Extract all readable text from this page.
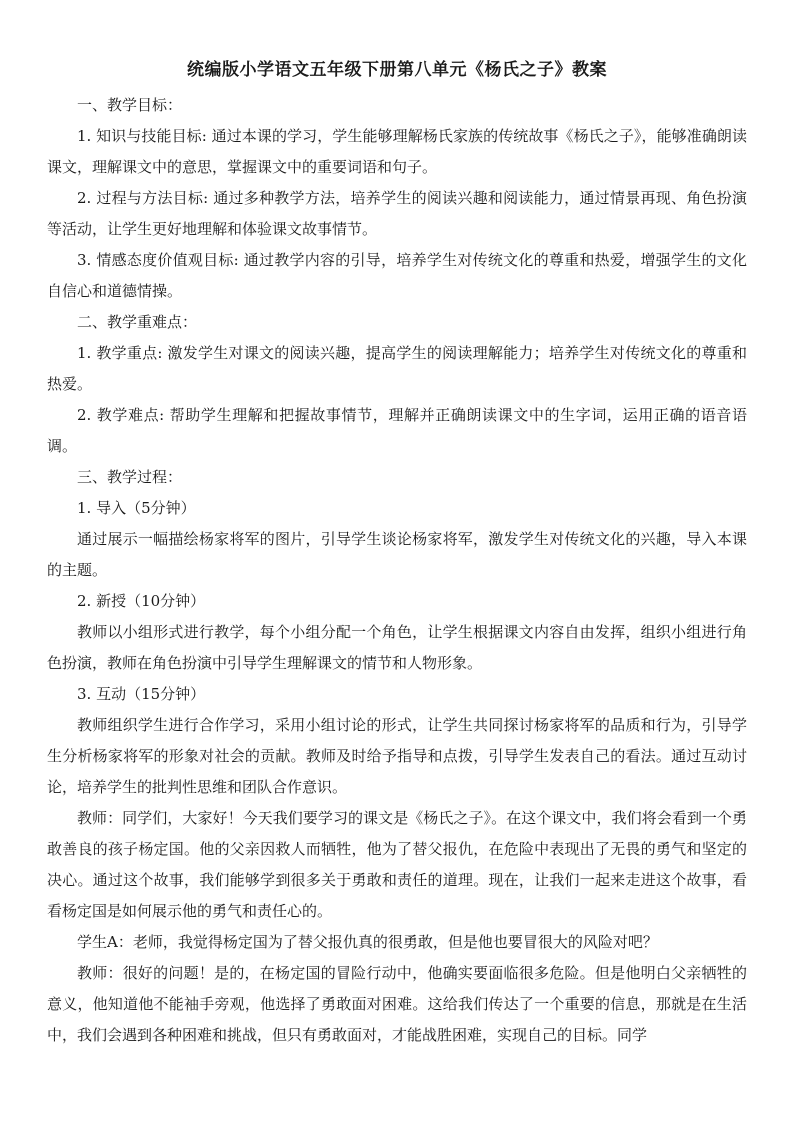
统编版小学语文五年级下册第八单元《杨氏之子》教案

一、教学目标：

1. 知识与技能目标: 通过本课的学习，学生能够理解杨氏家族的传统故事《杨氏之子》，能够准确朗读课文，理解课文中的意思，掌握课文中的重要词语和句子。

2. 过程与方法目标: 通过多种教学方法，培养学生的阅读兴趣和阅读能力，通过情景再现、角色扮演等活动，让学生更好地理解和体验课文故事情节。

3. 情感态度价值观目标: 通过教学内容的引导，培养学生对传统文化的尊重和热爱，增强学生的文化自信心和道德情操。

二、教学重难点：

1. 教学重点: 激发学生对课文的阅读兴趣，提高学生的阅读理解能力；培养学生对传统文化的尊重和热爱。

2. 教学难点: 帮助学生理解和把握故事情节，理解并正确朗读课文中的生字词，运用正确的语音语调。

三、教学过程：

1. 导入（5分钟）

通过展示一幅描绘杨家将军的图片，引导学生谈论杨家将军，激发学生对传统文化的兴趣，导入本课的主题。

2. 新授（10分钟）

教师以小组形式进行教学，每个小组分配一个角色，让学生根据课文内容自由发挥，组织小组进行角色扮演，教师在角色扮演中引导学生理解课文的情节和人物形象。

3. 互动（15分钟）

教师组织学生进行合作学习，采用小组讨论的形式，让学生共同探讨杨家将军的品质和行为，引导学生分析杨家将军的形象对社会的贡献。教师及时给予指导和点拨，引导学生发表自己的看法。通过互动讨论，培养学生的批判性思维和团队合作意识。

教师：同学们，大家好！今天我们要学习的课文是《杨氏之子》。在这个课文中，我们将会看到一个勇敢善良的孩子杨定国。他的父亲因救人而牺牲，他为了替父报仇，在危险中表现出了无畏的勇气和坚定的决心。通过这个故事，我们能够学到很多关于勇敢和责任的道理。现在，让我们一起来走进这个故事，看看杨定国是如何展示他的勇气和责任心的。

学生A：老师，我觉得杨定国为了替父报仇真的很勇敢，但是他也要冒很大的风险对吧？

教师：很好的问题！是的，在杨定国的冒险行动中，他确实要面临很多危险。但是他明白父亲牺牲的意义，他知道他不能袖手旁观，他选择了勇敢面对困难。这给我们传达了一个重要的信息，那就是在生活中，我们会遇到各种困难和挑战，但只有勇敢面对，才能战胜困难，实现自己的目标。同学
